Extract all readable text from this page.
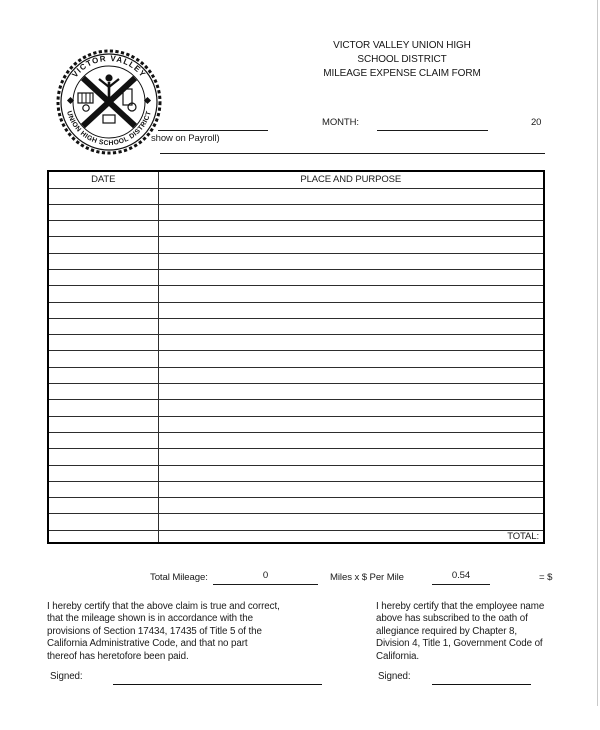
VICTOR VALLEY
UNION HIGH SCHOOL DISTRICT
VICTOR VALLEY UNION HIGH
SCHOOL DISTRICT
MILEAGE EXPENSE CLAIM FORM
show on Payroll)
MONTH:	20
DATE	PLACE AND PURPOSE

	TOTAL:
Total Mileage:	0	Miles x $ Per Mile	0.54	= $
I hereby certify that the above claim is true and correct,
that the mileage shown is in accordance with the
provisions of Section 17434, 17435 of Title 5 of the
California Administrative Code, and that no part
thereof has heretofore been paid.
I hereby certify that the employee name
above has subscribed to the oath of
allegiance required by Chapter 8,
Division 4, Title 1, Government Code of
California.
Signed:	Signed:
